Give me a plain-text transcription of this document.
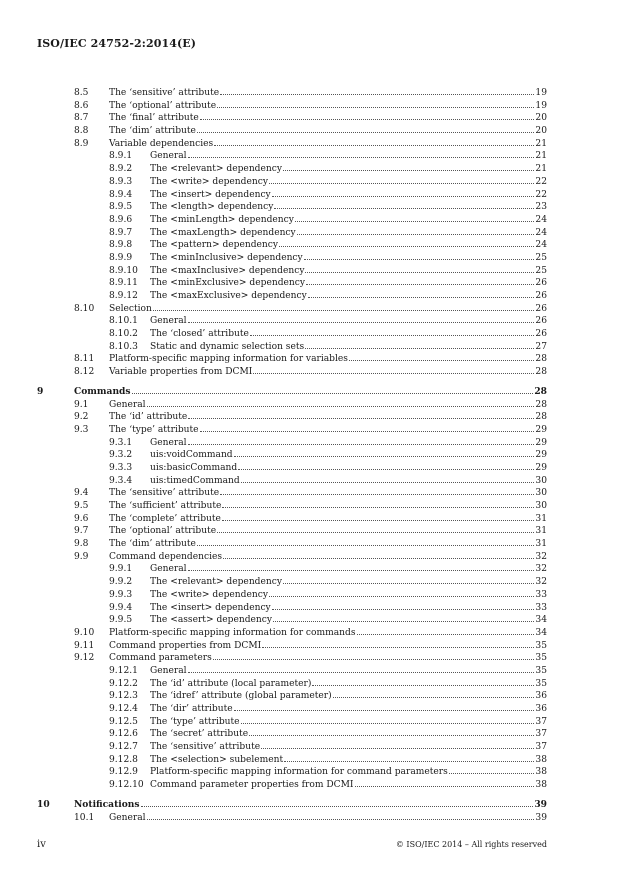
ISO/IEC 24752-2:2014(E)
8.5 The ‘sensitive’ attribute	19
8.6 The ‘optional’ attribute	19
8.7 The ‘final’ attribute	20
8.8 The ‘dim’ attribute	20
8.9 Variable dependencies	21
8.9.1 General	21
8.9.2 The <relevant> dependency	21
8.9.3 The <write> dependency	22
8.9.4 The <insert> dependency	22
8.9.5 The <length> dependency	23
8.9.6 The <minLength> dependency	24
8.9.7 The <maxLength> dependency	24
8.9.8 The <pattern> dependency	24
8.9.9 The <minInclusive> dependency	25
8.9.10 The <maxInclusive> dependency	25
8.9.11 The <minExclusive> dependency	26
8.9.12 The <maxExclusive> dependency	26
8.10 Selection	26
8.10.1 General	26
8.10.2 The ‘closed’ attribute	26
8.10.3 Static and dynamic selection sets	27
8.11 Platform-specific mapping information for variables	28
8.12 Variable properties from DCMI	28
9	Commands	28
9.1 General	28
9.2 The ‘id’ attribute	28
9.3 The ‘type’ attribute	29
9.3.1 General	29
9.3.2 uis:voidCommand	29
9.3.3 uis:basicCommand	29
9.3.4 uis:timedCommand	30
9.4 The ‘sensitive’ attribute	30
9.5 The ‘sufficient’ attribute	30
9.6 The ‘complete’ attribute	31
9.7 The ‘optional’ attribute	31
9.8 The ‘dim’ attribute	31
9.9 Command dependencies	32
9.9.1 General	32
9.9.2 The <relevant> dependency	32
9.9.3 The <write> dependency	33
9.9.4 The <insert> dependency	33
9.9.5 The <assert> dependency	34
9.10 Platform-specific mapping information for commands	34
9.11 Command properties from DCMI	35
9.12 Command parameters	35
9.12.1 General	35
9.12.2 The ‘id’ attribute (local parameter)	35
9.12.3 The ‘idref’ attribute (global parameter)	36
9.12.4 The ‘dir’ attribute	36
9.12.5 The ‘type’ attribute	37
9.12.6 The ‘secret’ attribute	37
9.12.7 The ‘sensitive’ attribute	37
9.12.8 The <selection> subelement	38
9.12.9 Platform-specific mapping information for command parameters	38
9.12.10 Command parameter properties from DCMI	38
10	Notifications	39
10.1 General	39
iv	© ISO/IEC 2014 – All rights reserved
